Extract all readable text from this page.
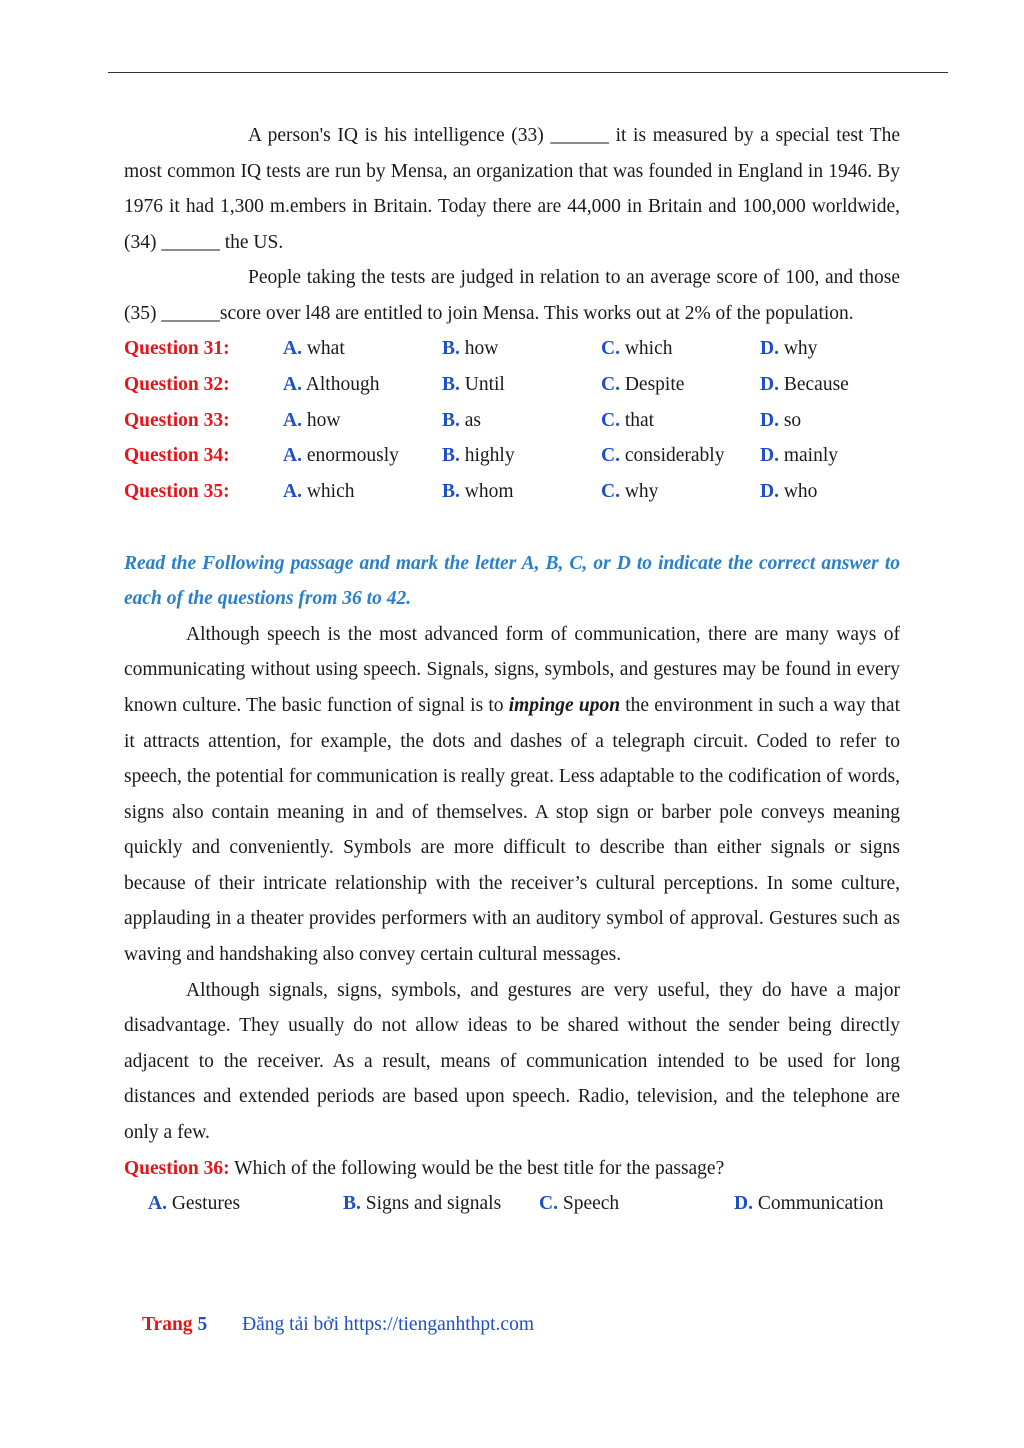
A person's IQ is his intelligence (33) ______ it is measured by a special test The most common IQ tests are run by Mensa, an organization that was founded in England in 1946. By 1976 it had 1,300 m.embers in Britain. Today there are 44,000 in Britain and 100,000 worldwide, (34) ______ the US.

People taking the tests are judged in relation to an average score of 100, and those (35) ______score over l48 are entitled to join Mensa. This works out at 2% of the population.

Question 31:	A. what	B. how	C. which	D. why
Question 32:	A. Although	B. Until	C. Despite	D. Because
Question 33:	A. how	B. as	C. that	D. so
Question 34:	A. enormously	B. highly	C. considerably	D. mainly
Question 35:	A. which	B. whom	C. why	D. who

Read the Following passage and mark the letter A, B, C, or D to indicate the correct answer to each of the questions from 36 to 42.

Although speech is the most advanced form of communication, there are many ways of communicating without using speech. Signals, signs, symbols, and gestures may be found in every known culture. The basic function of signal is to impinge upon the environment in such a way that it attracts attention, for example, the dots and dashes of a telegraph circuit. Coded to refer to speech, the potential for communication is really great. Less adaptable to the codification of words, signs also contain meaning in and of themselves. A stop sign or barber pole conveys meaning quickly and conveniently. Symbols are more difficult to describe than either signals or signs because of their intricate relationship with the receiver’s cultural perceptions. In some culture, applauding in a theater provides performers with an auditory symbol of approval. Gestures such as waving and handshaking also convey certain cultural messages.

Although signals, signs, symbols, and gestures are very useful, they do have a major disadvantage. They usually do not allow ideas to be shared without the sender being directly adjacent to the receiver. As a result, means of communication intended to be used for long distances and extended periods are based upon speech. Radio, television, and the telephone are only a few.

Question 36: Which of the following would be the best title for the passage?
A. Gestures	B. Signs and signals	C. Speech	D. Communication
Trang 5 Đăng tải bởi https://tienganhthpt.com
